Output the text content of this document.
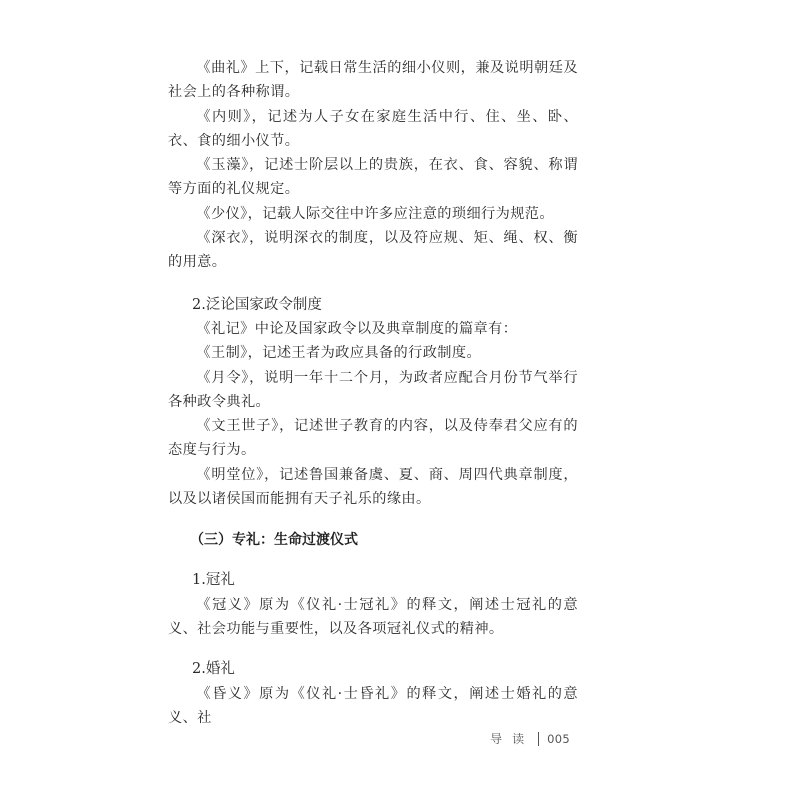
《曲礼》上下，记载日常生活的细小仪则，兼及说明朝廷及社会上的各种称谓。

《内则》，记述为人子女在家庭生活中行、住、坐、卧、衣、食的细小仪节。

《玉藻》，记述士阶层以上的贵族，在衣、食、容貌、称谓等方面的礼仪规定。

《少仪》，记载人际交往中许多应注意的琐细行为规范。

《深衣》，说明深衣的制度，以及符应规、矩、绳、权、衡的用意。

2.泛论国家政令制度

《礼记》中论及国家政令以及典章制度的篇章有：

《王制》，记述王者为政应具备的行政制度。

《月令》，说明一年十二个月，为政者应配合月份节气举行各种政令典礼。

《文王世子》，记述世子教育的内容，以及侍奉君父应有的态度与行为。

《明堂位》，记述鲁国兼备虞、夏、商、周四代典章制度，以及以诸侯国而能拥有天子礼乐的缘由。

（三）专礼：生命过渡仪式

1.冠礼

《冠义》原为《仪礼·士冠礼》的释文，阐述士冠礼的意义、社会功能与重要性，以及各项冠礼仪式的精神。

2.婚礼

《昏义》原为《仪礼·士昏礼》的释文，阐述士婚礼的意义、社

导读 005
